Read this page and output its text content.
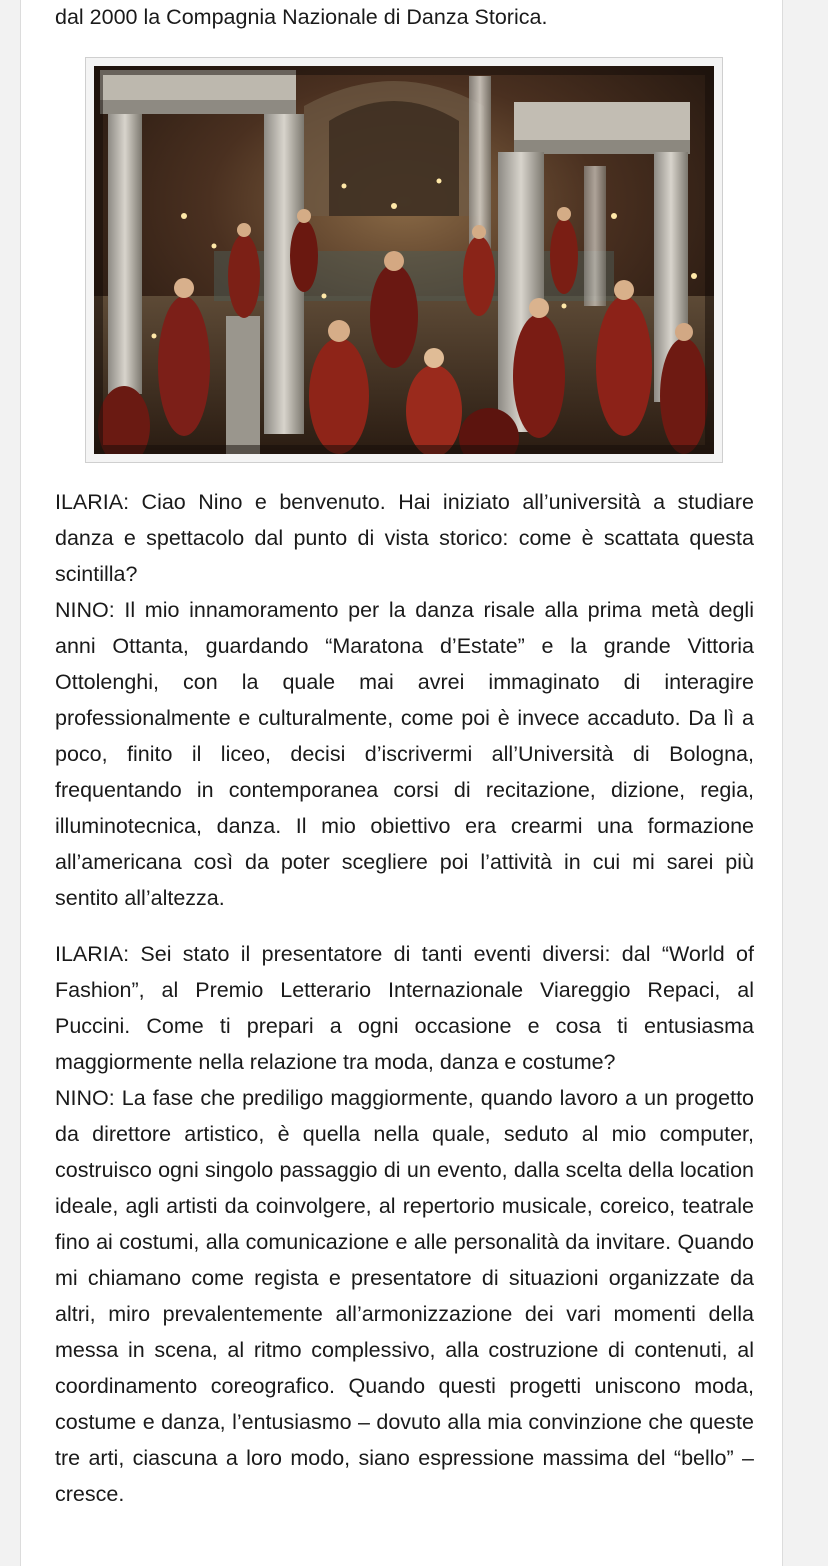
dal 2000 la Compagnia Nazionale di Danza Storica.

ILARIA: Ciao Nino e benvenuto. Hai iniziato all’università a studiare danza e spettacolo dal punto di vista storico: come è scattata questa scintilla?

NINO: Il mio innamoramento per la danza risale alla prima metà degli anni Ottanta, guardando “Maratona d’Estate” e la grande Vittoria Ottolenghi, con la quale mai avrei immaginato di interagire professionalmente e culturalmente, come poi è invece accaduto. Da lì a poco, finito il liceo, decisi d’iscrivermi all’Università di Bologna, frequentando in contemporanea corsi di recitazione, dizione, regia, illuminotecnica, danza. Il mio obiettivo era crearmi una formazione all’americana così da poter scegliere poi l’attività in cui mi sarei più sentito all’altezza.

ILARIA: Sei stato il presentatore di tanti eventi diversi: dal “World of Fashion”, al Premio Letterario Internazionale Viareggio Repaci, al Puccini. Come ti prepari a ogni occasione e cosa ti entusiasma maggiormente nella relazione tra moda, danza e costume?

NINO: La fase che prediligo maggiormente, quando lavoro a un progetto da direttore artistico, è quella nella quale, seduto al mio computer, costruisco ogni singolo passaggio di un evento, dalla scelta della location ideale, agli artisti da coinvolgere, al repertorio musicale, coreico, teatrale fino ai costumi, alla comunicazione e alle personalità da invitare. Quando mi chiamano come regista e presentatore di situazioni organizzate da altri, miro prevalentemente all’armonizzazione dei vari momenti della messa in scena, al ritmo complessivo, alla costruzione di contenuti, al coordinamento coreografico. Quando questi progetti uniscono moda, costume e danza, l’entusiasmo – dovuto alla mia convinzione che queste tre arti, ciascuna a loro modo, siano espressione massima del “bello” – cresce.
